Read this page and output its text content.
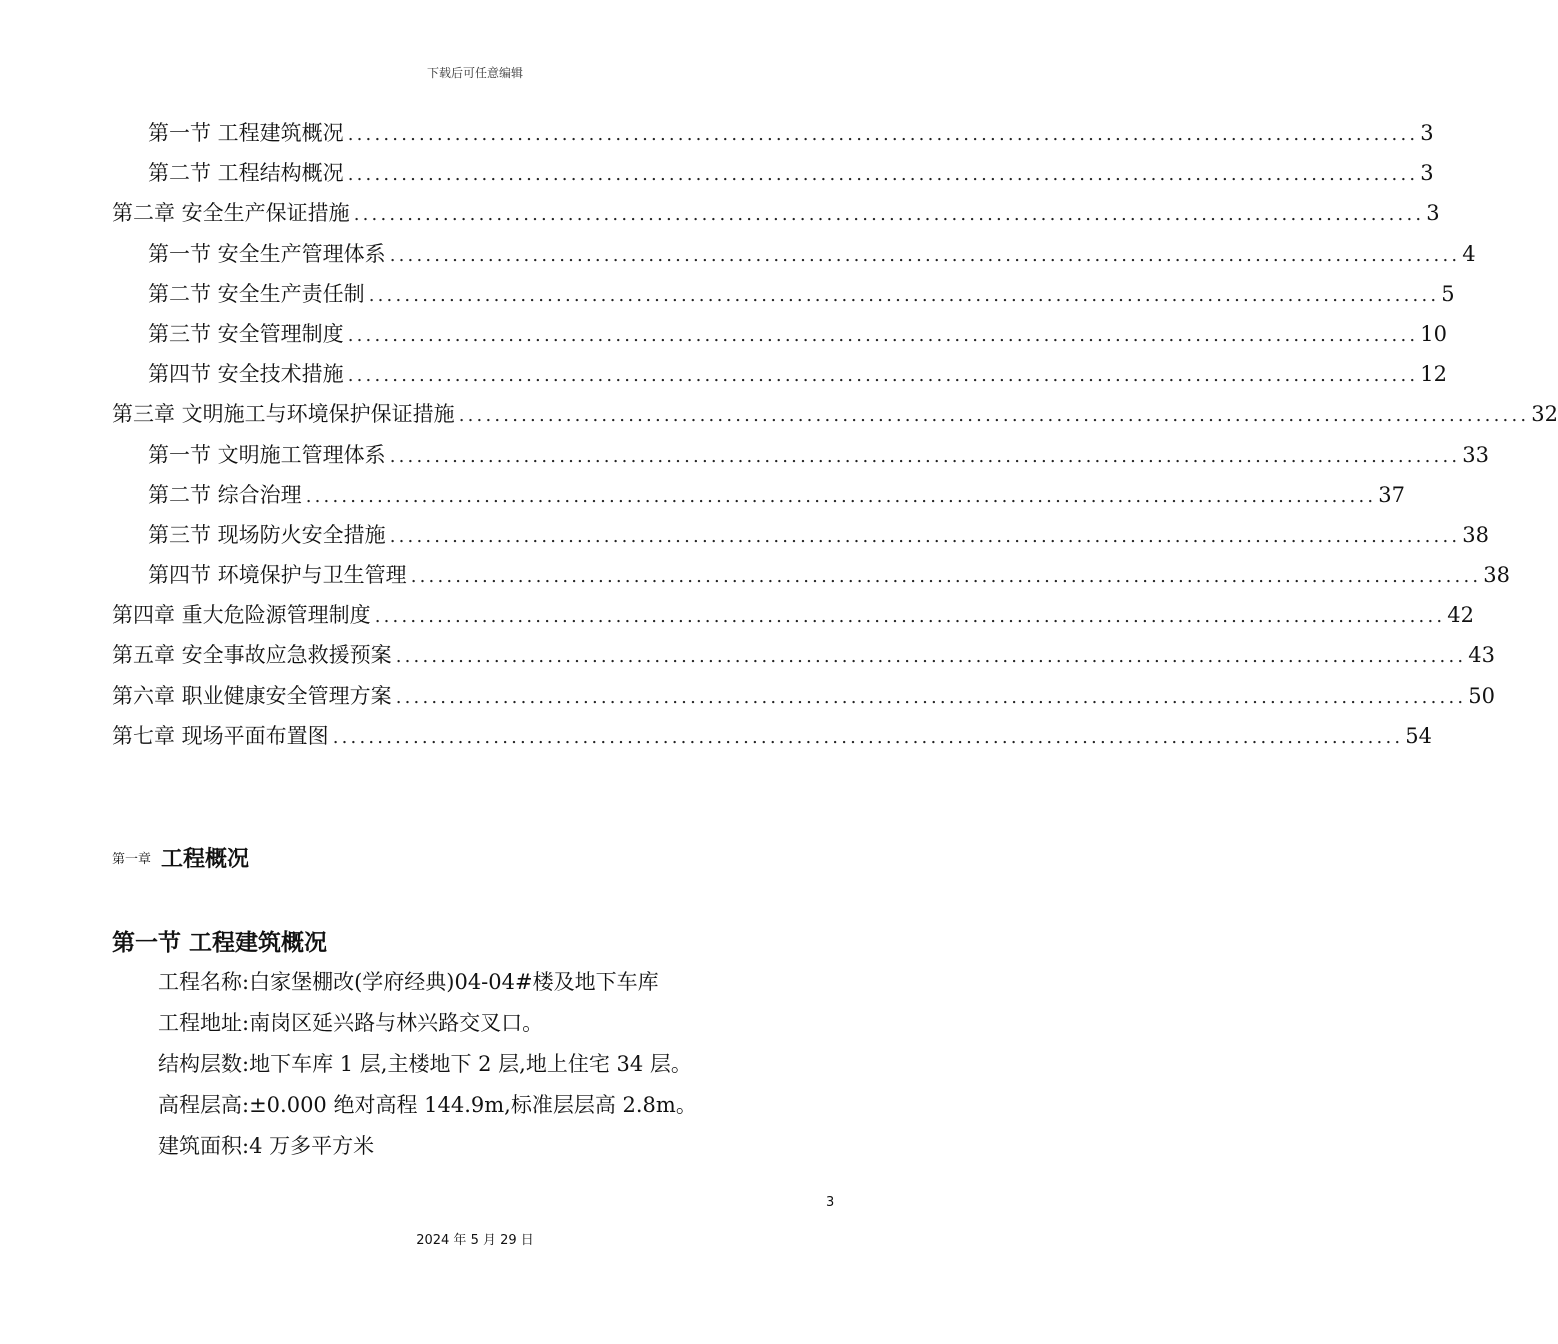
下载后可任意编辑
第一节 工程建筑概况 ........................................................................................................................ 3
第二节 工程结构概况 ........................................................................................................................ 3
第二章 安全生产保证措施 ........................................................................................................................ 3
第一节 安全生产管理体系 ........................................................................................................................ 4
第二节 安全生产责任制 ........................................................................................................................ 5
第三节 安全管理制度 ........................................................................................................................ 10
第四节 安全技术措施 ........................................................................................................................ 12
第三章 文明施工与环境保护保证措施 ........................................................................................................................ 32
第一节 文明施工管理体系 ........................................................................................................................ 33
第二节 综合治理 ........................................................................................................................ 37
第三节 现场防火安全措施 ........................................................................................................................ 38
第四节 环境保护与卫生管理 ........................................................................................................................ 38
第四章 重大危险源管理制度 ........................................................................................................................ 42
第五章 安全事故应急救援预案 ........................................................................................................................ 43
第六章 职业健康安全管理方案 ........................................................................................................................ 50
第七章 现场平面布置图 ........................................................................................................................ 54
第一章 工程概况
第一节 工程建筑概况
工程名称:白家堡棚改(学府经典)04-04#楼及地下车库
工程地址:南岗区延兴路与林兴路交叉口。
结构层数:地下车库 1 层,主楼地下 2 层,地上住宅 34 层。
高程层高:±0.000 绝对高程 144.9m,标准层层高 2.8m。
建筑面积:4 万多平方米
3
2024 年 5 月 29 日
